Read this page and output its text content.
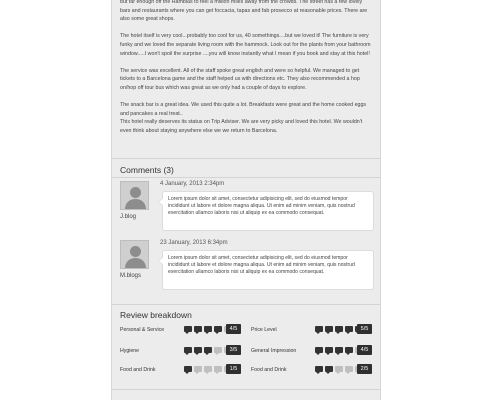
but far enough off the Ramblas to feel a million miles away from the crowds. The street has a few lovely bars and restaurants where you can get foccacia, tapas and fab prosecco at reasonable prices. There are also some great shops.

The hotel itself is very cool...probably too cool for us, 40 somethings....but we loved it! The furniture is very funky and we loved the separate living room with the hammock. Look out for the plants from your bathroom window.....I won't spoil the surprise ....you will know instantly what I mean if you book and stay at this hotel!

The service was excellent. All of the staff spoke great english and were so helpful. We managed to get tickets to a Barcelona game and the staff helped us with directions etc. They also recommended a hop on/hop off tour bus which was great as we only had a couple of days to explore.

The snack bar is a great idea. We used this quite a lot. Breakfasts were great and the home cooked eggs and pancakes a real treat..

This hotel really deserves its status on Trip Adviser. We are very picky and loved this hotel. We wouldn't even think about staying anywhere else we we return to Barcelona.

Comments (3)
J.blog
4 January, 2013 2:34pm
Lorem ipsum dolor sit amet, consectetur adipisicing elit, sed do eiusmod tempor incididunt ut labore et dolore magna aliqua. Ut enim ad minim veniam, quis nostrud exercitation ullamco laboris nisi ut aliquip ex ea commodo consequat.
M.blogs
23 January, 2013 6:34pm
Lorem ipsum dolor sit amet, consectetur adipisicing elit, sed do eiusmod tempor incididunt ut labore et dolore magna aliqua. Ut enim ad minim veniam, quis nostrud exercitation ullamco laboris nisi ut aliquip ex ea commodo consequat.
Review breakdown
Personal & Service	4/5	Price Level	5/5
Hygiene	3/5	General Impression	4/5
Food and Drink	1/5	Food and Drink	2/5
